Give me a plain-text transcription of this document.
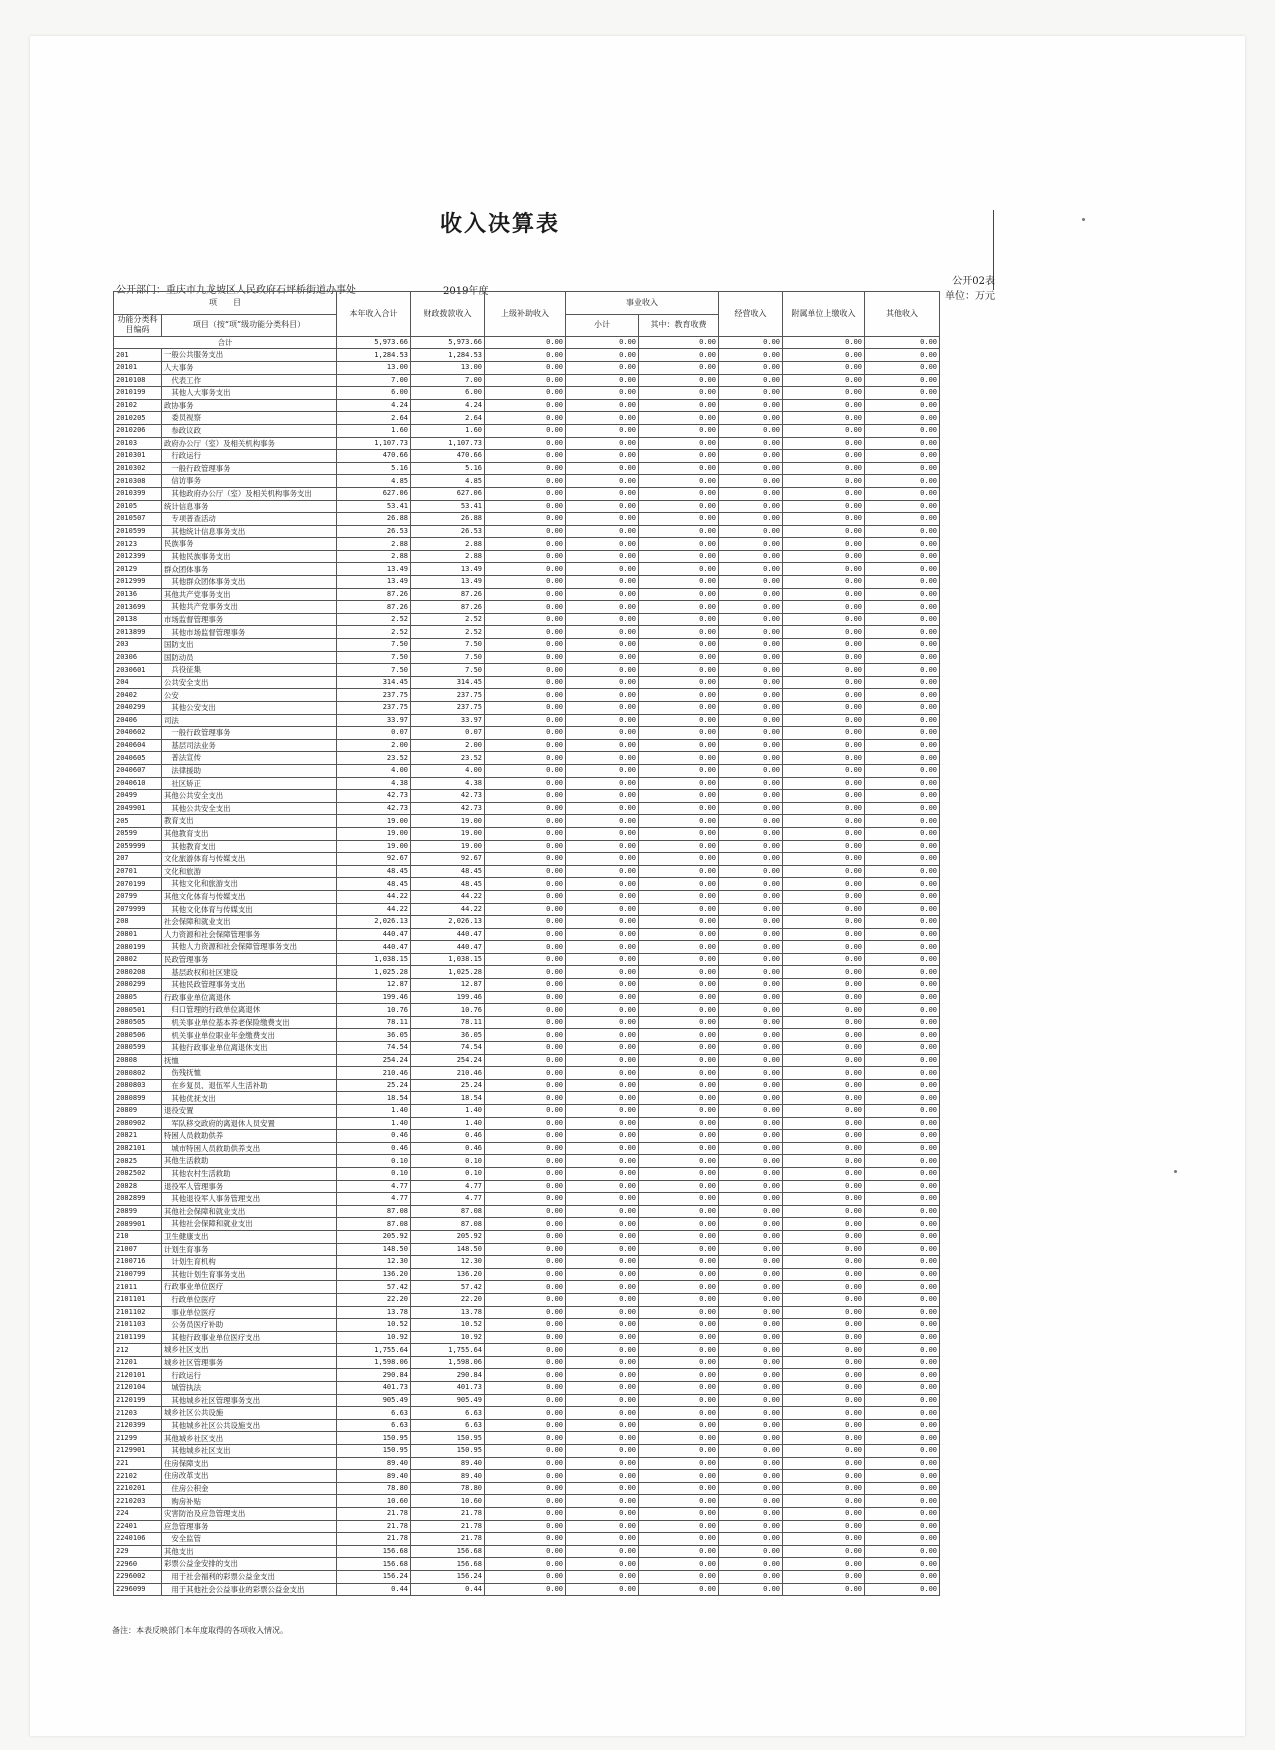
收入决算表
公开部门：重庆市九龙坡区人民政府石坪桥街道办事处	2019年度
公开02表
单位：万元
项　　目		本年收入合计	财政拨款收入	上级补助收入	事业收入		经营收入	附属单位上缴收入	其他收入
功能分类科目编码	项目（按“项”级功能分类科目）				小计	其中：教育收费			

合计		5,973.66	5,973.66	0.00	0.00	0.00	0.00	0.00	0.00
201	一般公共服务支出	1,284.53	1,284.53	0.00	0.00	0.00	0.00	0.00	0.00
20101	人大事务	13.00	13.00	0.00	0.00	0.00	0.00	0.00	0.00
2010108	　代表工作	7.00	7.00	0.00	0.00	0.00	0.00	0.00	0.00
2010199	　其他人大事务支出	6.00	6.00	0.00	0.00	0.00	0.00	0.00	0.00
20102	政协事务	4.24	4.24	0.00	0.00	0.00	0.00	0.00	0.00
2010205	　委员视察	2.64	2.64	0.00	0.00	0.00	0.00	0.00	0.00
2010206	　参政议政	1.60	1.60	0.00	0.00	0.00	0.00	0.00	0.00
20103	政府办公厅（室）及相关机构事务	1,107.73	1,107.73	0.00	0.00	0.00	0.00	0.00	0.00
2010301	　行政运行	470.66	470.66	0.00	0.00	0.00	0.00	0.00	0.00
2010302	　一般行政管理事务	5.16	5.16	0.00	0.00	0.00	0.00	0.00	0.00
2010308	　信访事务	4.85	4.85	0.00	0.00	0.00	0.00	0.00	0.00
2010399	　其他政府办公厅（室）及相关机构事务支出	627.06	627.06	0.00	0.00	0.00	0.00	0.00	0.00
20105	统计信息事务	53.41	53.41	0.00	0.00	0.00	0.00	0.00	0.00
2010507	　专项普查活动	26.88	26.88	0.00	0.00	0.00	0.00	0.00	0.00
2010599	　其他统计信息事务支出	26.53	26.53	0.00	0.00	0.00	0.00	0.00	0.00
20123	民族事务	2.88	2.88	0.00	0.00	0.00	0.00	0.00	0.00
2012399	　其他民族事务支出	2.88	2.88	0.00	0.00	0.00	0.00	0.00	0.00
20129	群众团体事务	13.49	13.49	0.00	0.00	0.00	0.00	0.00	0.00
2012999	　其他群众团体事务支出	13.49	13.49	0.00	0.00	0.00	0.00	0.00	0.00
20136	其他共产党事务支出	87.26	87.26	0.00	0.00	0.00	0.00	0.00	0.00
2013699	　其他共产党事务支出	87.26	87.26	0.00	0.00	0.00	0.00	0.00	0.00
20138	市场监督管理事务	2.52	2.52	0.00	0.00	0.00	0.00	0.00	0.00
2013899	　其他市场监督管理事务	2.52	2.52	0.00	0.00	0.00	0.00	0.00	0.00
203	国防支出	7.50	7.50	0.00	0.00	0.00	0.00	0.00	0.00
20306	国防动员	7.50	7.50	0.00	0.00	0.00	0.00	0.00	0.00
2030601	　兵役征集	7.50	7.50	0.00	0.00	0.00	0.00	0.00	0.00
204	公共安全支出	314.45	314.45	0.00	0.00	0.00	0.00	0.00	0.00
20402	公安	237.75	237.75	0.00	0.00	0.00	0.00	0.00	0.00
2040299	　其他公安支出	237.75	237.75	0.00	0.00	0.00	0.00	0.00	0.00
20406	司法	33.97	33.97	0.00	0.00	0.00	0.00	0.00	0.00
2040602	　一般行政管理事务	0.07	0.07	0.00	0.00	0.00	0.00	0.00	0.00
2040604	　基层司法业务	2.00	2.00	0.00	0.00	0.00	0.00	0.00	0.00
2040605	　普法宣传	23.52	23.52	0.00	0.00	0.00	0.00	0.00	0.00
2040607	　法律援助	4.00	4.00	0.00	0.00	0.00	0.00	0.00	0.00
2040610	　社区矫正	4.38	4.38	0.00	0.00	0.00	0.00	0.00	0.00
20499	其他公共安全支出	42.73	42.73	0.00	0.00	0.00	0.00	0.00	0.00
2049901	　其他公共安全支出	42.73	42.73	0.00	0.00	0.00	0.00	0.00	0.00
205	教育支出	19.00	19.00	0.00	0.00	0.00	0.00	0.00	0.00
20599	其他教育支出	19.00	19.00	0.00	0.00	0.00	0.00	0.00	0.00
2059999	　其他教育支出	19.00	19.00	0.00	0.00	0.00	0.00	0.00	0.00
207	文化旅游体育与传媒支出	92.67	92.67	0.00	0.00	0.00	0.00	0.00	0.00
20701	文化和旅游	48.45	48.45	0.00	0.00	0.00	0.00	0.00	0.00
2070199	　其他文化和旅游支出	48.45	48.45	0.00	0.00	0.00	0.00	0.00	0.00
20799	其他文化体育与传媒支出	44.22	44.22	0.00	0.00	0.00	0.00	0.00	0.00
2079999	　其他文化体育与传媒支出	44.22	44.22	0.00	0.00	0.00	0.00	0.00	0.00
208	社会保障和就业支出	2,026.13	2,026.13	0.00	0.00	0.00	0.00	0.00	0.00
20801	人力资源和社会保障管理事务	440.47	440.47	0.00	0.00	0.00	0.00	0.00	0.00
2080199	　其他人力资源和社会保障管理事务支出	440.47	440.47	0.00	0.00	0.00	0.00	0.00	0.00
20802	民政管理事务	1,038.15	1,038.15	0.00	0.00	0.00	0.00	0.00	0.00
2080208	　基层政权和社区建设	1,025.28	1,025.28	0.00	0.00	0.00	0.00	0.00	0.00
2080299	　其他民政管理事务支出	12.87	12.87	0.00	0.00	0.00	0.00	0.00	0.00
20805	行政事业单位离退休	199.46	199.46	0.00	0.00	0.00	0.00	0.00	0.00
2080501	　归口管理的行政单位离退休	10.76	10.76	0.00	0.00	0.00	0.00	0.00	0.00
2080505	　机关事业单位基本养老保险缴费支出	78.11	78.11	0.00	0.00	0.00	0.00	0.00	0.00
2080506	　机关事业单位职业年金缴费支出	36.05	36.05	0.00	0.00	0.00	0.00	0.00	0.00
2080599	　其他行政事业单位离退休支出	74.54	74.54	0.00	0.00	0.00	0.00	0.00	0.00
20808	抚恤	254.24	254.24	0.00	0.00	0.00	0.00	0.00	0.00
2080802	　伤残抚恤	210.46	210.46	0.00	0.00	0.00	0.00	0.00	0.00
2080803	　在乡复员、退伍军人生活补助	25.24	25.24	0.00	0.00	0.00	0.00	0.00	0.00
2080899	　其他优抚支出	18.54	18.54	0.00	0.00	0.00	0.00	0.00	0.00
20809	退役安置	1.40	1.40	0.00	0.00	0.00	0.00	0.00	0.00
2080902	　军队移交政府的离退休人员安置	1.40	1.40	0.00	0.00	0.00	0.00	0.00	0.00
20821	特困人员救助供养	0.46	0.46	0.00	0.00	0.00	0.00	0.00	0.00
2082101	　城市特困人员救助供养支出	0.46	0.46	0.00	0.00	0.00	0.00	0.00	0.00
20825	其他生活救助	0.10	0.10	0.00	0.00	0.00	0.00	0.00	0.00
2082502	　其他农村生活救助	0.10	0.10	0.00	0.00	0.00	0.00	0.00	0.00
20828	退役军人管理事务	4.77	4.77	0.00	0.00	0.00	0.00	0.00	0.00
2082899	　其他退役军人事务管理支出	4.77	4.77	0.00	0.00	0.00	0.00	0.00	0.00
20899	其他社会保障和就业支出	87.08	87.08	0.00	0.00	0.00	0.00	0.00	0.00
2089901	　其他社会保障和就业支出	87.08	87.08	0.00	0.00	0.00	0.00	0.00	0.00
210	卫生健康支出	205.92	205.92	0.00	0.00	0.00	0.00	0.00	0.00
21007	计划生育事务	148.50	148.50	0.00	0.00	0.00	0.00	0.00	0.00
2100716	　计划生育机构	12.30	12.30	0.00	0.00	0.00	0.00	0.00	0.00
2100799	　其他计划生育事务支出	136.20	136.20	0.00	0.00	0.00	0.00	0.00	0.00
21011	行政事业单位医疗	57.42	57.42	0.00	0.00	0.00	0.00	0.00	0.00
2101101	　行政单位医疗	22.20	22.20	0.00	0.00	0.00	0.00	0.00	0.00
2101102	　事业单位医疗	13.78	13.78	0.00	0.00	0.00	0.00	0.00	0.00
2101103	　公务员医疗补助	10.52	10.52	0.00	0.00	0.00	0.00	0.00	0.00
2101199	　其他行政事业单位医疗支出	10.92	10.92	0.00	0.00	0.00	0.00	0.00	0.00
212	城乡社区支出	1,755.64	1,755.64	0.00	0.00	0.00	0.00	0.00	0.00
21201	城乡社区管理事务	1,598.06	1,598.06	0.00	0.00	0.00	0.00	0.00	0.00
2120101	　行政运行	290.84	290.84	0.00	0.00	0.00	0.00	0.00	0.00
2120104	　城管执法	401.73	401.73	0.00	0.00	0.00	0.00	0.00	0.00
2120199	　其他城乡社区管理事务支出	905.49	905.49	0.00	0.00	0.00	0.00	0.00	0.00
21203	城乡社区公共设施	6.63	6.63	0.00	0.00	0.00	0.00	0.00	0.00
2120399	　其他城乡社区公共设施支出	6.63	6.63	0.00	0.00	0.00	0.00	0.00	0.00
21299	其他城乡社区支出	150.95	150.95	0.00	0.00	0.00	0.00	0.00	0.00
2129901	　其他城乡社区支出	150.95	150.95	0.00	0.00	0.00	0.00	0.00	0.00
221	住房保障支出	89.40	89.40	0.00	0.00	0.00	0.00	0.00	0.00
22102	住房改革支出	89.40	89.40	0.00	0.00	0.00	0.00	0.00	0.00
2210201	　住房公积金	78.80	78.80	0.00	0.00	0.00	0.00	0.00	0.00
2210203	　购房补贴	10.60	10.60	0.00	0.00	0.00	0.00	0.00	0.00
224	灾害防治及应急管理支出	21.78	21.78	0.00	0.00	0.00	0.00	0.00	0.00
22401	应急管理事务	21.78	21.78	0.00	0.00	0.00	0.00	0.00	0.00
2240106	　安全监管	21.78	21.78	0.00	0.00	0.00	0.00	0.00	0.00
229	其他支出	156.68	156.68	0.00	0.00	0.00	0.00	0.00	0.00
22960	彩票公益金安排的支出	156.68	156.68	0.00	0.00	0.00	0.00	0.00	0.00
2296002	　用于社会福利的彩票公益金支出	156.24	156.24	0.00	0.00	0.00	0.00	0.00	0.00
2296099	　用于其他社会公益事业的彩票公益金支出	0.44	0.44	0.00	0.00	0.00	0.00	0.00	0.00
备注：本表反映部门本年度取得的各项收入情况。
